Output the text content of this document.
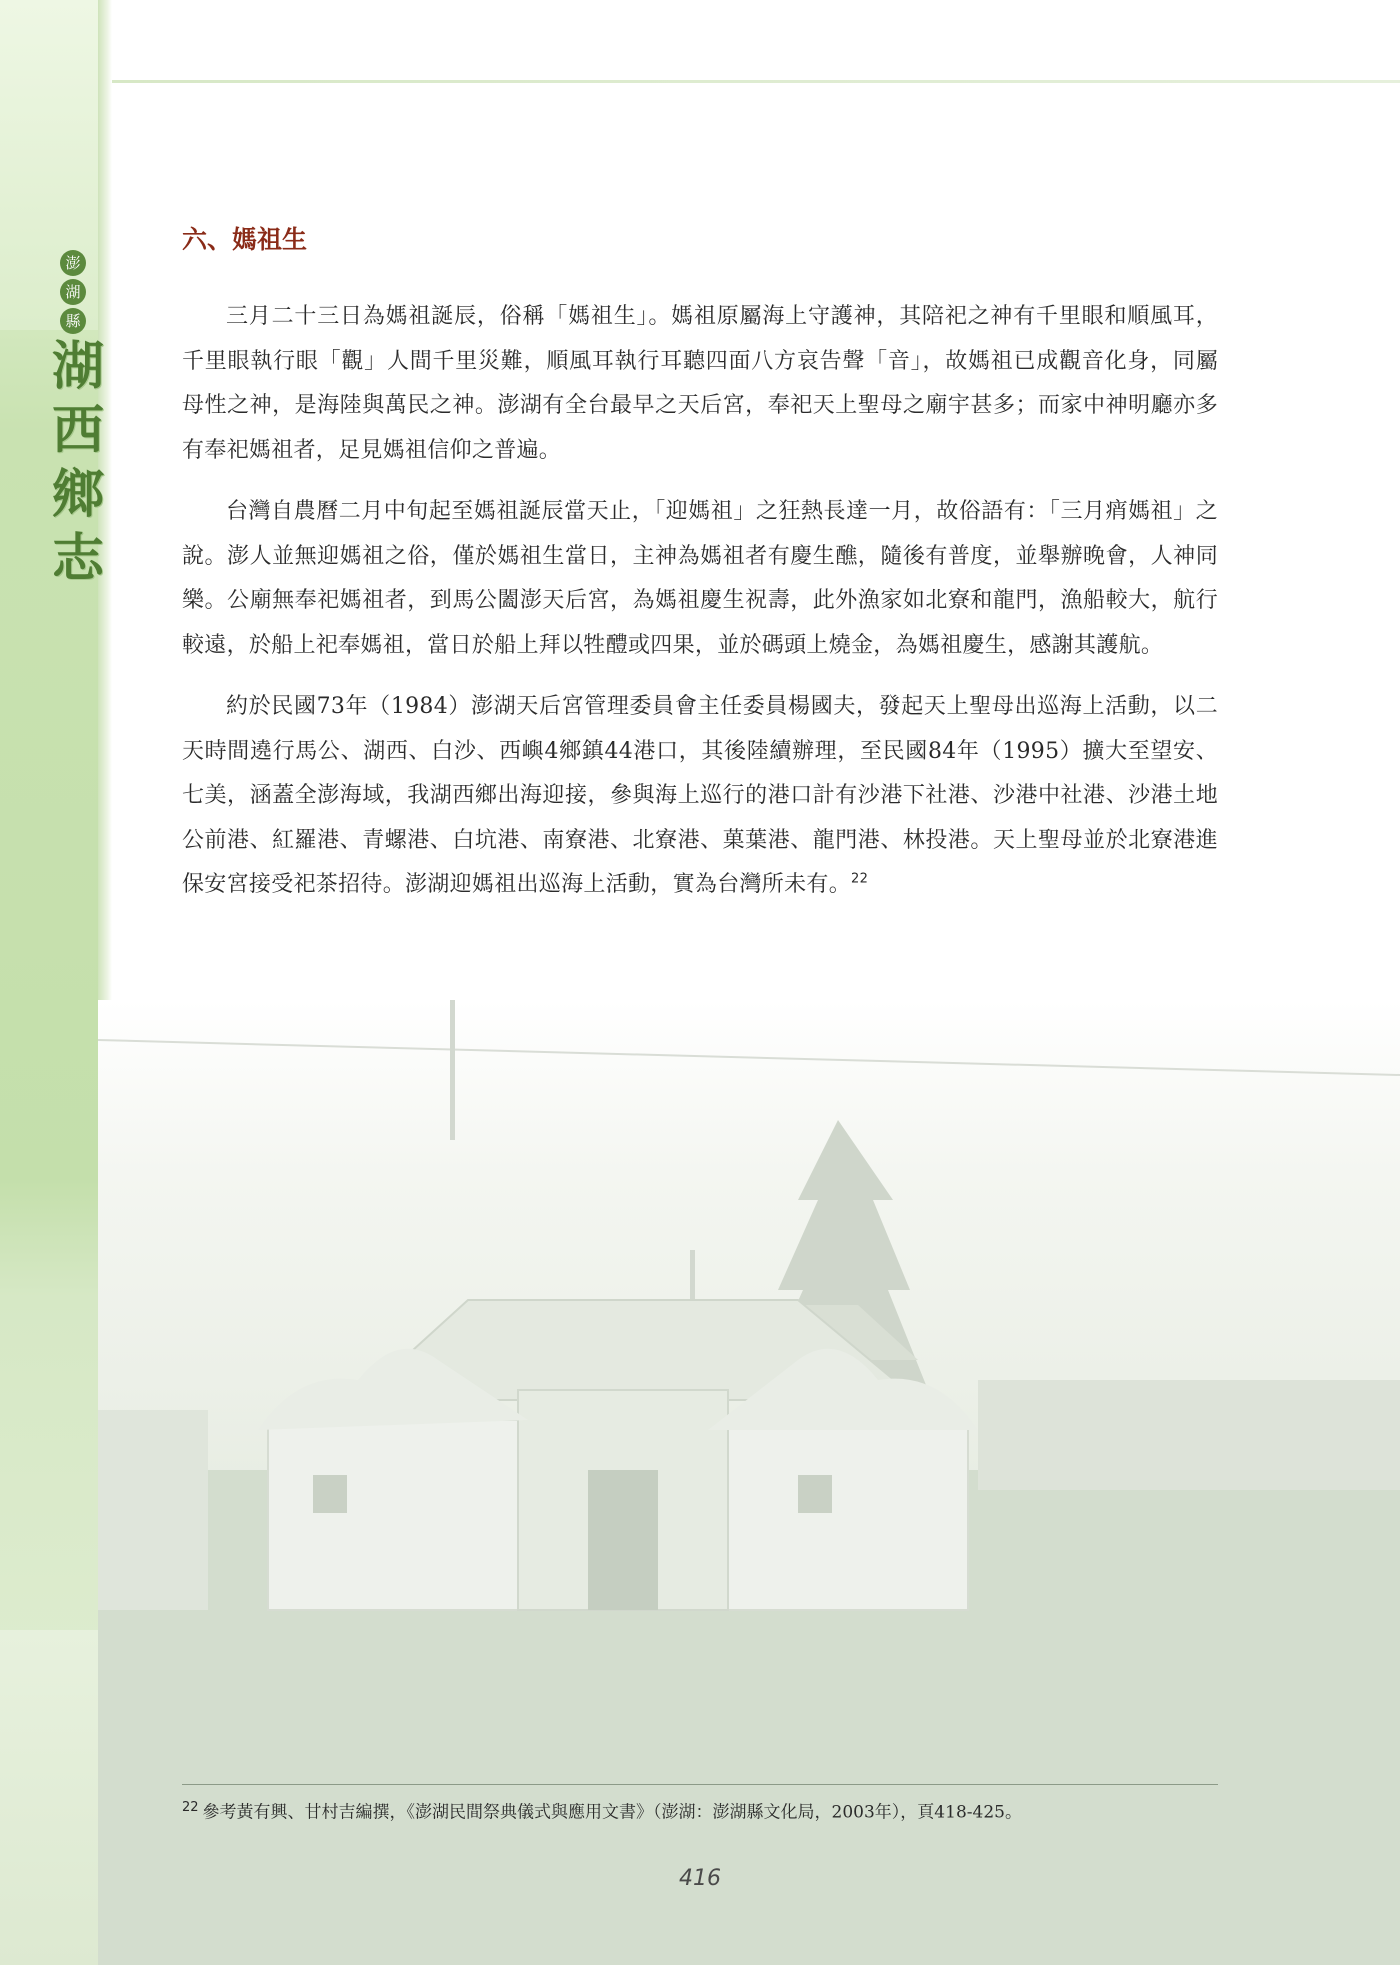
澎
湖
縣
湖
西
鄉
志
六、媽祖生

三月二十三日為媽祖誕辰，俗稱「媽祖生」。媽祖原屬海上守護神，其陪祀之神有千里眼和順風耳，千里眼執行眼「觀」人間千里災難，順風耳執行耳聽四面八方哀告聲「音」，故媽祖已成觀音化身，同屬母性之神，是海陸與萬民之神。澎湖有全台最早之天后宮，奉祀天上聖母之廟宇甚多；而家中神明廳亦多有奉祀媽祖者，足見媽祖信仰之普遍。

台灣自農曆二月中旬起至媽祖誕辰當天止，「迎媽祖」之狂熱長達一月，故俗語有：「三月痟媽祖」之說。澎人並無迎媽祖之俗，僅於媽祖生當日，主神為媽祖者有慶生醮，隨後有普度，並舉辦晚會，人神同樂。公廟無奉祀媽祖者，到馬公闔澎天后宮，為媽祖慶生祝壽，此外漁家如北寮和龍門，漁船較大，航行較遠，於船上祀奉媽祖，當日於船上拜以牲醴或四果，並於碼頭上燒金，為媽祖慶生，感謝其護航。

約於民國73年（1984）澎湖天后宮管理委員會主任委員楊國夫，發起天上聖母出巡海上活動，以二天時間遶行馬公、湖西、白沙、西嶼4鄉鎮44港口，其後陸續辦理，至民國84年（1995）擴大至望安、七美，涵蓋全澎海域，我湖西鄉出海迎接，參與海上巡行的港口計有沙港下社港、沙港中社港、沙港土地公前港、紅羅港、青螺港、白坑港、南寮港、北寮港、菓葉港、龍門港、林投港。天上聖母並於北寮港進保安宮接受祀茶招待。澎湖迎媽祖出巡海上活動，實為台灣所未有。$^{22}$

$^{22}$ 參考黃有興、甘村吉編撰，《澎湖民間祭典儀式與應用文書》（澎湖：澎湖縣文化局，2003年），頁418-425。
416
